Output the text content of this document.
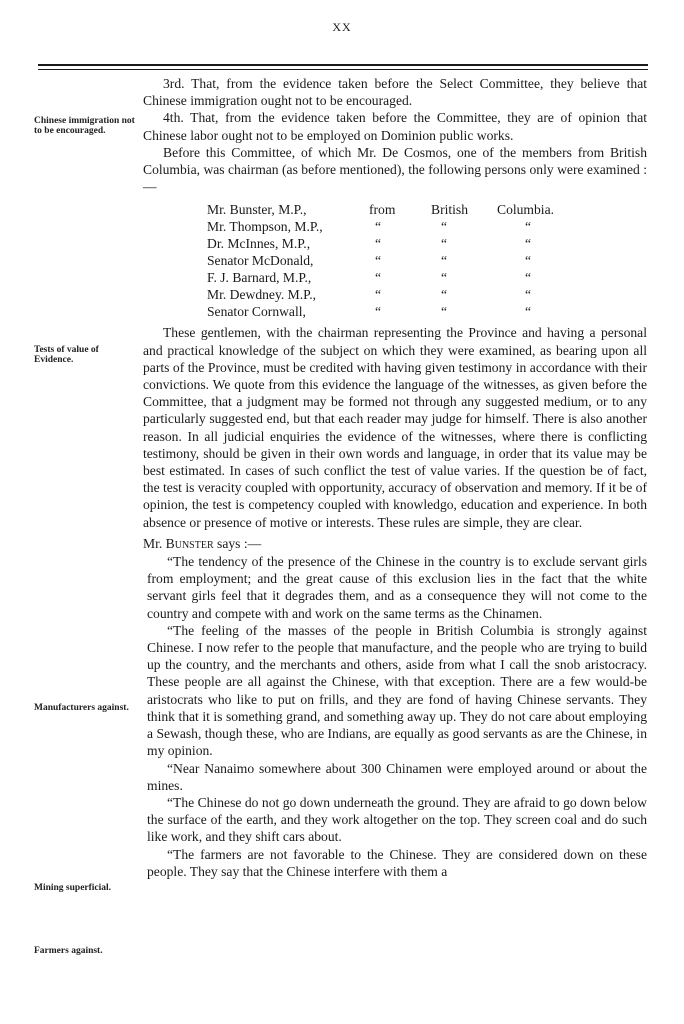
XX
Chinese immigration not to be encouraged.
Tests of value of Evidence.
Manufacturers against.
Mining superficial.
Farmers against.

3rd. That, from the evidence taken before the Select Committee, they believe that Chinese immigration ought not to be encouraged.

4th. That, from the evidence taken before the Committee, they are of opinion that Chinese labor ought not to be employed on Dominion public works.

Before this Committee, of which Mr. De Cosmos, one of the members from British Columbia, was chairman (as before mentioned), the following persons only were examined :—

Mr. Bunster, M.P.,	from	British	Columbia.
Mr. Thompson, M.P.,	“	“	“
Dr. McInnes, M.P.,	“	“	“
Senator McDonald,	“	“	“
F. J. Barnard, M.P.,	“	“	“
Mr. Dewdney. M.P.,	“	“	“
Senator Cornwall,	“	“	“

These gentlemen, with the chairman representing the Province and having a personal and practical knowledge of the subject on which they were examined, as bearing upon all parts of the Province, must be credited with having given testimony in accordance with their convictions. We quote from this evidence the language of the witnesses, as given before the Committee, that a judgment may be formed not through any suggested medium, or to any particularly suggested end, but that each reader may judge for himself. There is also another reason. In all judicial enquiries the evidence of the witnesses, where there is conflicting testimony, should be given in their own words and language, in order that its value may be best estimated. In cases of such conflict the test of value varies. If the question be of fact, the test is veracity coupled with opportunity, accuracy of observation and memory. If it be of opinion, the test is competency coupled with knowledgo, education and experience. In both absence or presence of motive or interests. These rules are simple, they are clear.

Mr. Bunster says :—

“The tendency of the presence of the Chinese in the country is to exclude servant girls from employment; and the great cause of this exclusion lies in the fact that the white servant girls feel that it degrades them, and as a consequence they will not come to the country and compete with and work on the same terms as the Chinamen.

“The feeling of the masses of the people in British Columbia is strongly against Chinese. I now refer to the people that manufacture, and the people who are trying to build up the country, and the merchants and others, aside from what I call the snob aristocracy. These people are all against the Chinese, with that exception. There are a few would-be aristocrats who like to put on frills, and they are fond of having Chinese servants. They think that it is something grand, and something away up. They do not care about employing a Sewash, though these, who are Indians, are equally as good servants as are the Chinese, in my opinion.

“Near Nanaimo somewhere about 300 Chinamen were employed around or about the mines.

“The Chinese do not go down underneath the ground. They are afraid to go down below the surface of the earth, and they work altogether on the top. They screen coal and do such like work, and they shift cars about.

“The farmers are not favorable to the Chinese. They are considered down on these people. They say that the Chinese interfere with them a
